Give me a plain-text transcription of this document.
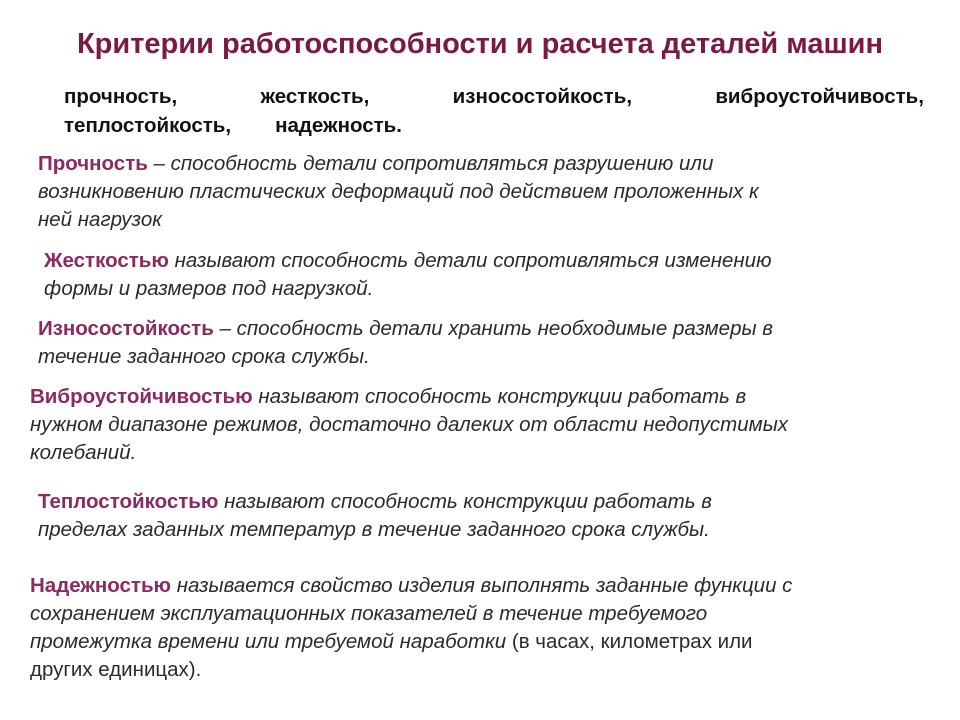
Критерии работоспособности и расчета деталей машин
прочность,	жесткость,	износостойкость,	виброустойчивость,
теплостойкость, надежность.
Прочность – способность детали сопротивляться разрушению или
возникновению пластических деформаций под действием проложенных к
ней нагрузок
Жесткостью называют способность детали сопротивляться изменению
формы и размеров под нагрузкой.
Износостойкость – способность детали хранить необходимые размеры в
течение заданного срока службы.
Виброустойчивостью называют способность конструкции работать в
нужном диапазоне режимов, достаточно далеких от области недопустимых
колебаний.
Теплостойкостью называют способность конструкции работать в
пределах заданных температур в течение заданного срока службы.
Надежностью называется свойство изделия выполнять заданные функции с
сохранением эксплуатационных показателей в течение требуемого
промежутка времени или требуемой наработки (в часах, километрах или
других единицах).
